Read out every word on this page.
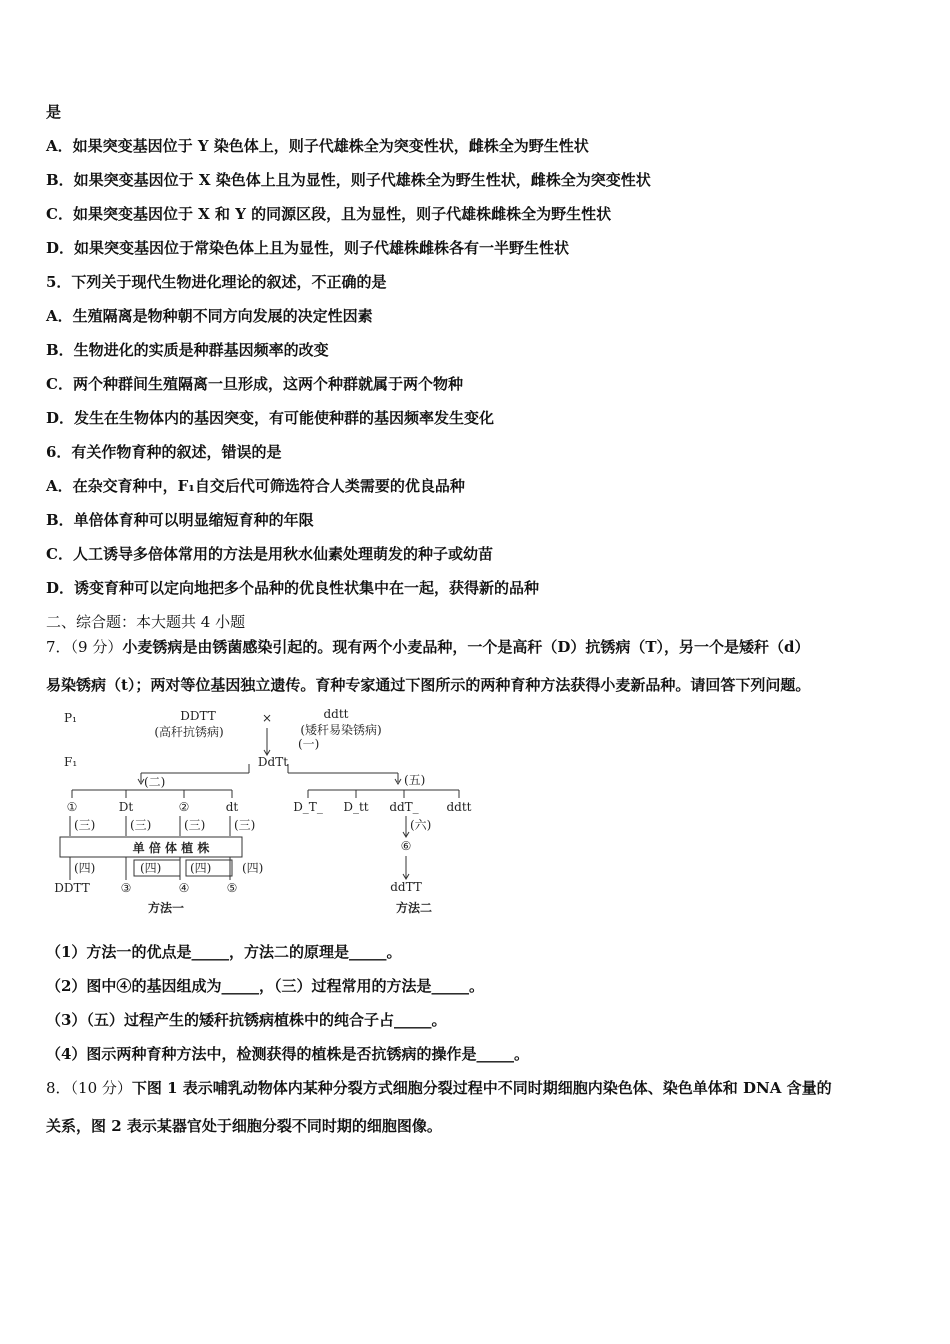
是
A．如果突变基因位于 Y 染色体上，则子代雄株全为突变性状，雌株全为野生性状
B．如果突变基因位于 X 染色体上且为显性，则子代雄株全为野生性状，雌株全为突变性状
C．如果突变基因位于 X 和 Y 的同源区段，且为显性，则子代雄株雌株全为野生性状
D．如果突变基因位于常染色体上且为显性，则子代雄株雌株各有一半野生性状
5．下列关于现代生物进化理论的叙述，不正确的是
A．生殖隔离是物种朝不同方向发展的决定性因素
B．生物进化的实质是种群基因频率的改变
C．两个种群间生殖隔离一旦形成，这两个种群就属于两个物种
D．发生在生物体内的基因突变，有可能使种群的基因频率发生变化
6．有关作物育种的叙述，错误的是
A．在杂交育种中，F₁自交后代可筛选符合人类需要的优良品种
B．单倍体育种可以明显缩短育种的年限
C．人工诱导多倍体常用的方法是用秋水仙素处理萌发的种子或幼苗
D．诱变育种可以定向地把多个品种的优良性状集中在一起，获得新的品种
二、综合题：本大题共 4 小题
7．（9 分）小麦锈病是由锈菌感染引起的。现有两个小麦品种，一个是高秆（D）抗锈病（T），另一个是矮秆（d）
易染锈病（t）；两对等位基因独立遗传。育种专家通过下图所示的两种育种方法获得小麦新品种。请回答下列问题。
P₁
F₁
DDTT
(高秆抗锈病)
×	ddtt
(矮秆易染锈病)
(一)
DdTt
(二)	(五)
①	Dt	②	dt
(三)	(三)	(三) (三)
单 倍 体 植 株
(四)	(四) (四)	(四)
DDTT	③	④	⑤
方法一
D_T_ D_tt ddT_ ddtt
(六)
⑥
ddTT
方法二
（1）方法一的优点是_____，方法二的原理是_____。
（2）图中④的基因组成为_____，（三）过程常用的方法是_____。
（3）（五）过程产生的矮秆抗锈病植株中的纯合子占_____。
（4）图示两种育种方法中，检测获得的植株是否抗锈病的操作是_____。
8．（10 分）下图 1 表示哺乳动物体内某种分裂方式细胞分裂过程中不同时期细胞内染色体、染色单体和 DNA 含量的
关系，图 2 表示某器官处于细胞分裂不同时期的细胞图像。
